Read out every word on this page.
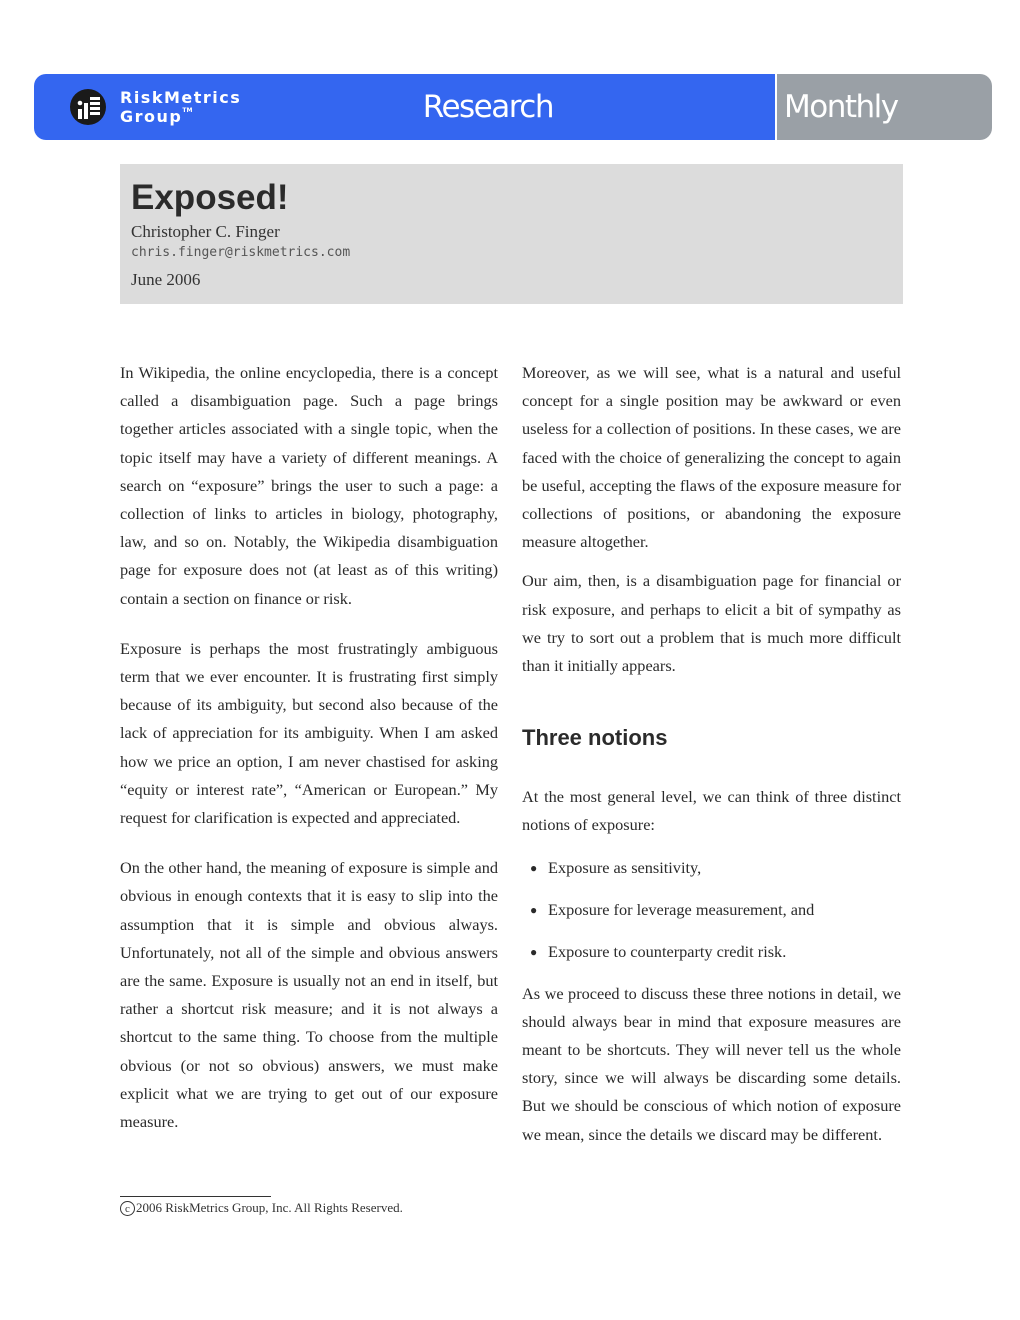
RiskMetrics
Group™	Research	Monthly
Exposed!
Christopher C. Finger
chris.finger@riskmetrics.com
June 2006

In Wikipedia, the online encyclopedia, there is a concept called a disambiguation page. Such a page brings together articles associated with a single topic, when the topic itself may have a variety of different meanings. A search on “exposure” brings the user to such a page: a collection of links to articles in biology, photography, law, and so on. Notably, the Wikipedia disambiguation page for exposure does not (at least as of this writing) contain a section on finance or risk.

Exposure is perhaps the most frustratingly ambiguous term that we ever encounter. It is frustrating first simply because of its ambiguity, but second also because of the lack of appreciation for its ambiguity. When I am asked how we price an option, I am never chastised for asking “equity or interest rate”, “American or European.” My request for clarification is expected and appreciated.

On the other hand, the meaning of exposure is simple and obvious in enough contexts that it is easy to slip into the assumption that it is simple and obvious always. Unfortunately, not all of the simple and obvious answers are the same. Exposure is usually not an end in itself, but rather a shortcut risk measure; and it is not always a shortcut to the same thing. To choose from the multiple obvious (or not so obvious) answers, we must make explicit what we are trying to get out of our exposure measure.

Moreover, as we will see, what is a natural and useful concept for a single position may be awkward or even useless for a collection of positions. In these cases, we are faced with the choice of generalizing the concept to again be useful, accepting the flaws of the exposure measure for collections of positions, or abandoning the exposure measure altogether.

Our aim, then, is a disambiguation page for financial or risk exposure, and perhaps to elicit a bit of sympathy as we try to sort out a problem that is much more difficult than it initially appears.

Three notions

At the most general level, we can think of three distinct notions of exposure:

● Exposure as sensitivity,
● Exposure for leverage measurement, and
● Exposure to counterparty credit risk.

As we proceed to discuss these three notions in detail, we should always bear in mind that exposure measures are meant to be shortcuts. They will never tell us the whole story, since we will always be discarding some details. But we should be conscious of which notion of exposure we mean, since the details we discard may be different.

c 2006 RiskMetrics Group, Inc. All Rights Reserved.
